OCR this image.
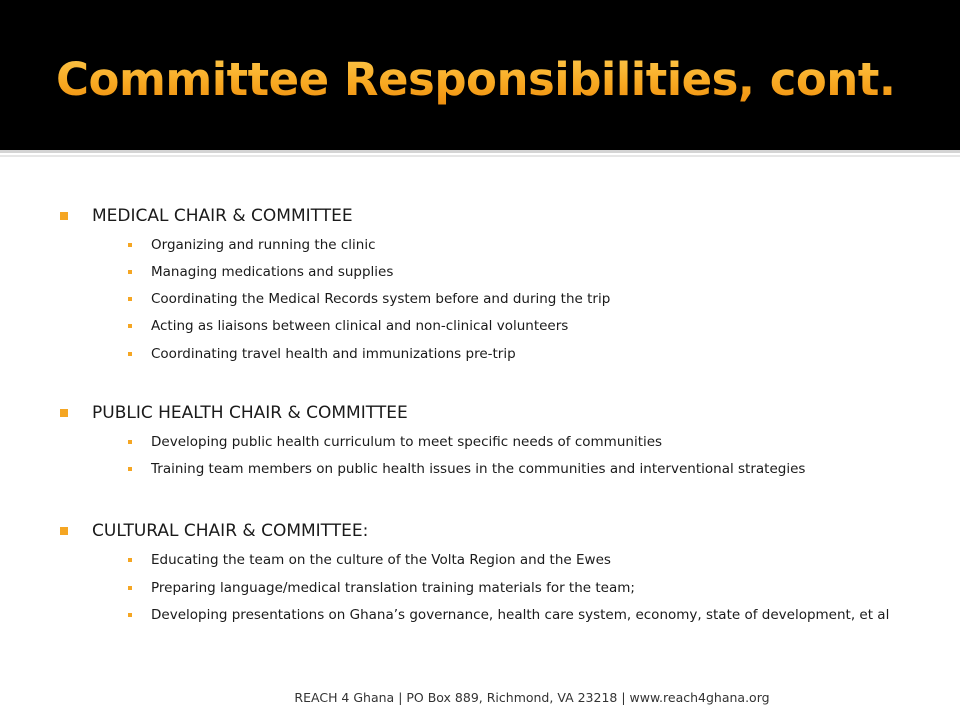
Committee Responsibilities, cont.
MEDICAL CHAIR & COMMITTEE
Organizing and running the clinic
Managing medications and supplies
Coordinating the Medical Records system before and during the trip
Acting as liaisons between clinical and non-clinical volunteers
Coordinating travel health and immunizations pre-trip
PUBLIC HEALTH CHAIR & COMMITTEE
Developing public health curriculum to meet specific needs of communities
Training team members on public health issues in the communities and interventional strategies
CULTURAL CHAIR & COMMITTEE:
Educating the team on the culture of the Volta Region and the Ewes
Preparing language/medical translation training materials for the team;
Developing presentations on Ghana’s governance, health care system, economy, state of development, et al
REACH 4 Ghana | PO Box 889, Richmond, VA 23218 | www.reach4ghana.org
